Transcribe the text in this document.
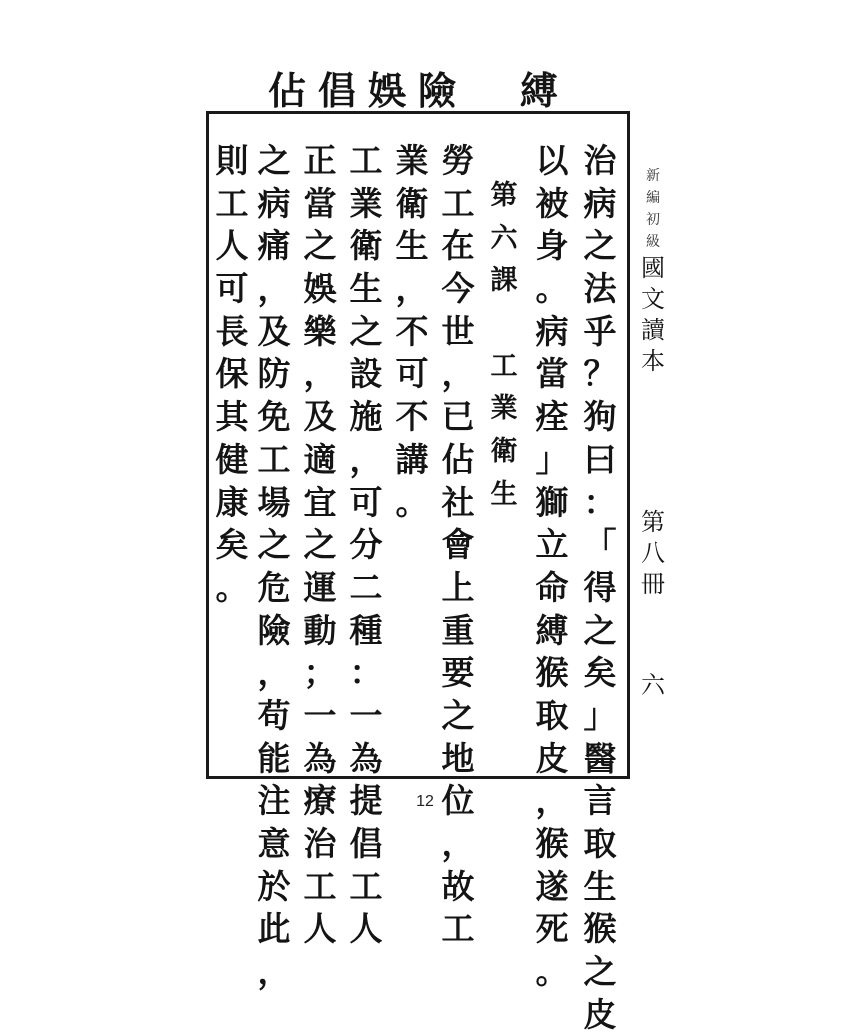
佔 倡 娛 險 縛
治
病
之
法
乎
？
狗
曰
：
「
得
之
矣
」
醫
言
取
生
猴
之
皮
以
被
身
。
病
當
痊
」
獅
立
命
縛
猴
取
皮
，
猴
遂
死
。
第
六
課

工
業
衛
生
勞
工
在
今
世
，
已
佔
社
會
上
重
要
之
地
位
，
故
工
業
衛
生
，
不
可
不
講
。
工
業
衛
生
之
設
施
，
可
分
二
種
：
一
為
提
倡
工
人
正
當
之
娛
樂
，
及
適
宜
之
運
動
；
一
為
療
治
工
人
之
病
痛
，
及
防
免
工
場
之
危
險
，
苟
能
注
意
於
此
，
則
工
人
可
長
保
其
健
康
矣
。
新
編
初
級
國
文
讀
本
第
八
冊
六
12
